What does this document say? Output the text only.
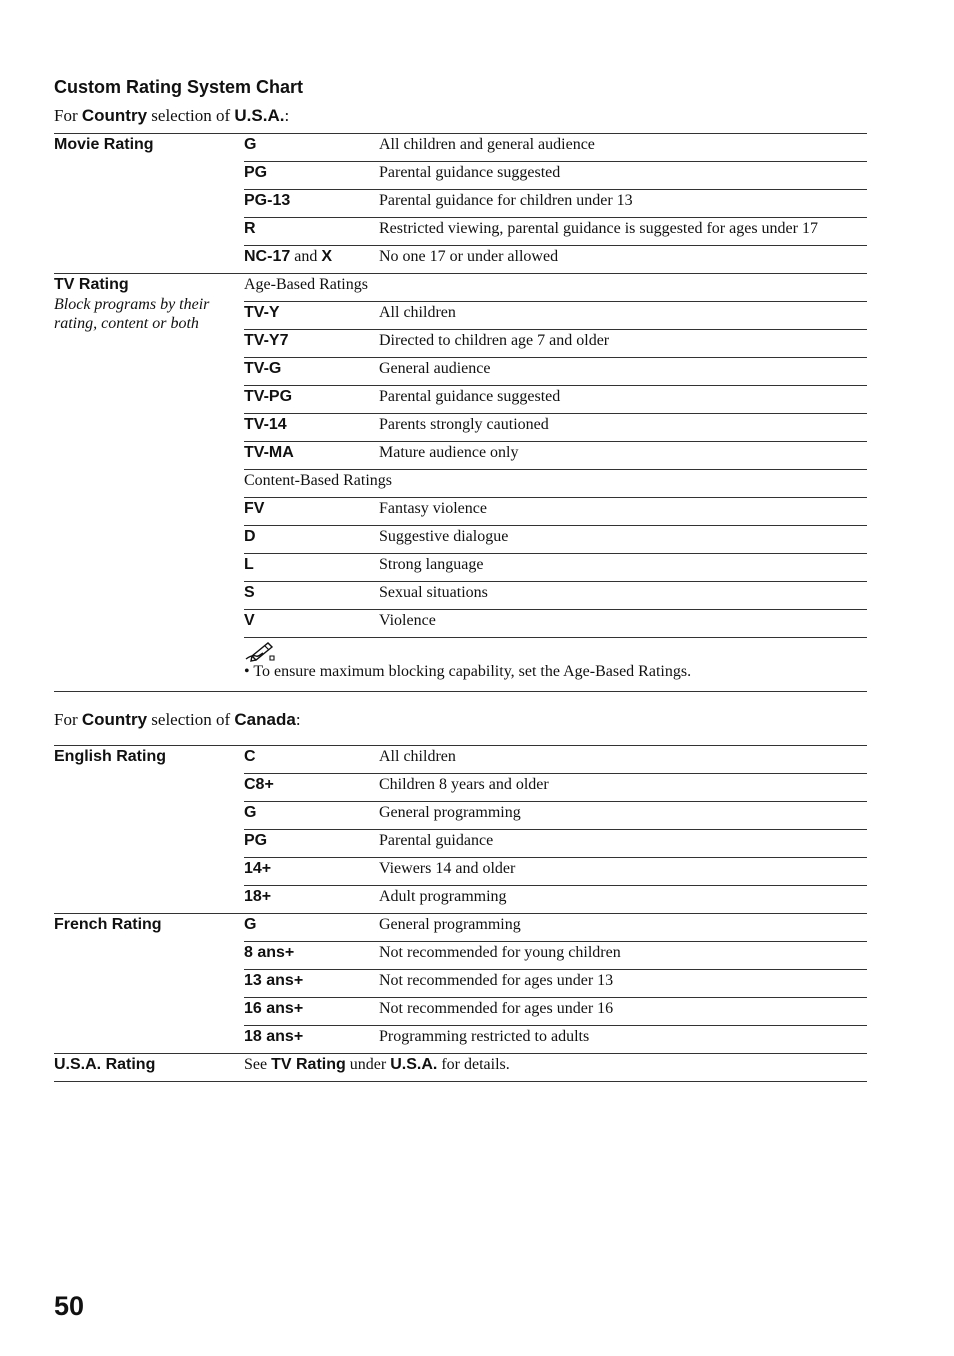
Custom Rating System Chart

For Country selection of U.S.A.:

Movie Rating	G	All children and general audience
	PG	Parental guidance suggested
	PG-13	Parental guidance for children under 13
	R	Restricted viewing, parental guidance is suggested for ages under 17
	NC-17 and X	No one 17 or under allowed

TV Rating
Block programs by their rating, content or both	Age-Based Ratings	
	TV-Y	All children
	TV-Y7	Directed to children age 7 and older
	TV-G	General audience
	TV-PG	Parental guidance suggested
	TV-14	Parents strongly cautioned
	TV-MA	Mature audience only
	Content-Based Ratings	
	FV	Fantasy violence
	D	Suggestive dialogue
	L	Strong language
	S	Sexual situations
	V	Violence

• To ensure maximum blocking capability, set the Age-Based Ratings.	

For Country selection of Canada:

English Rating	C	All children
	C8+	Children 8 years and older
	G	General programming
	PG	Parental guidance
	14+	Viewers 14 and older
	18+	Adult programming

French Rating	G	General programming
	8 ans+	Not recommended for young children
	13 ans+	Not recommended for ages under 13
	16 ans+	Not recommended for ages under 16
	18 ans+	Programming restricted to adults

U.S.A. Rating	See TV Rating under U.S.A. for details.	

50
